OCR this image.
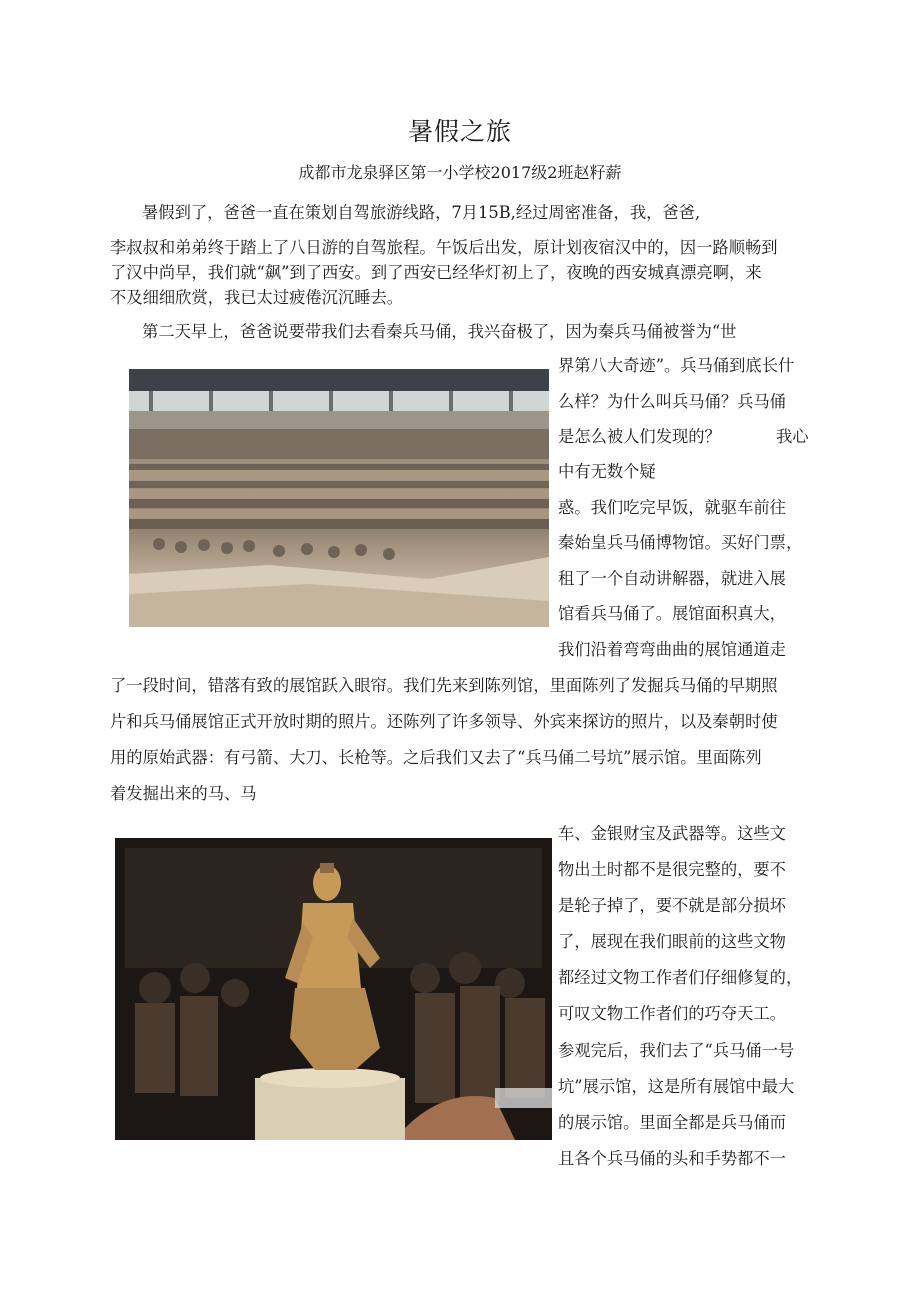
暑假之旅
成都市龙泉驿区第一小学校2017级2班赵籽薪
暑假到了，爸爸一直在策划自驾旅游线路，7月15B,经过周密准备，我，爸爸,
李叔叔和弟弟终于踏上了八日游的自驾旅程。午饭后出发，原计划夜宿汉中的，因一路顺畅到
了汉中尚早，我们就“飙”到了西安。到了西安已经华灯初上了，夜晚的西安城真漂亮啊，来
不及细细欣赏，我已太过疲倦沉沉睡去。
第二天早上，爸爸说要带我们去看秦兵马俑，我兴奋极了，因为秦兵马俑被誉为“世
界第八大奇迹”。兵马俑到底长什
么样？为什么叫兵马俑？兵马俑
是怎么被人们发现的？	我心
中有无数个疑
惑。我们吃完早饭，就驱车前往
秦始皇兵马俑博物馆。买好门票，
租了一个自动讲解器，就进入展
馆看兵马俑了。展馆面积真大，
我们沿着弯弯曲曲的展馆通道走
了一段时间，错落有致的展馆跃入眼帘。我们先来到陈列馆，里面陈列了发掘兵马俑的早期照
片和兵马俑展馆正式开放时期的照片。还陈列了许多领导、外宾来探访的照片，以及秦朝时使
用的原始武器：有弓箭、大刀、长枪等。之后我们又去了“兵马俑二号坑”展示馆。里面陈列
着发掘出来的马、马
车、金银财宝及武器等。这些文
物出土时都不是很完整的，要不
是轮子掉了，要不就是部分损坏
了，展现在我们眼前的这些文物
都经过文物工作者们仔细修复的，
可叹文物工作者们的巧夺天工。
参观完后，我们去了“兵马俑一号
坑”展示馆，这是所有展馆中最大
的展示馆。里面全都是兵马俑而
且各个兵马俑的头和手势都不一
